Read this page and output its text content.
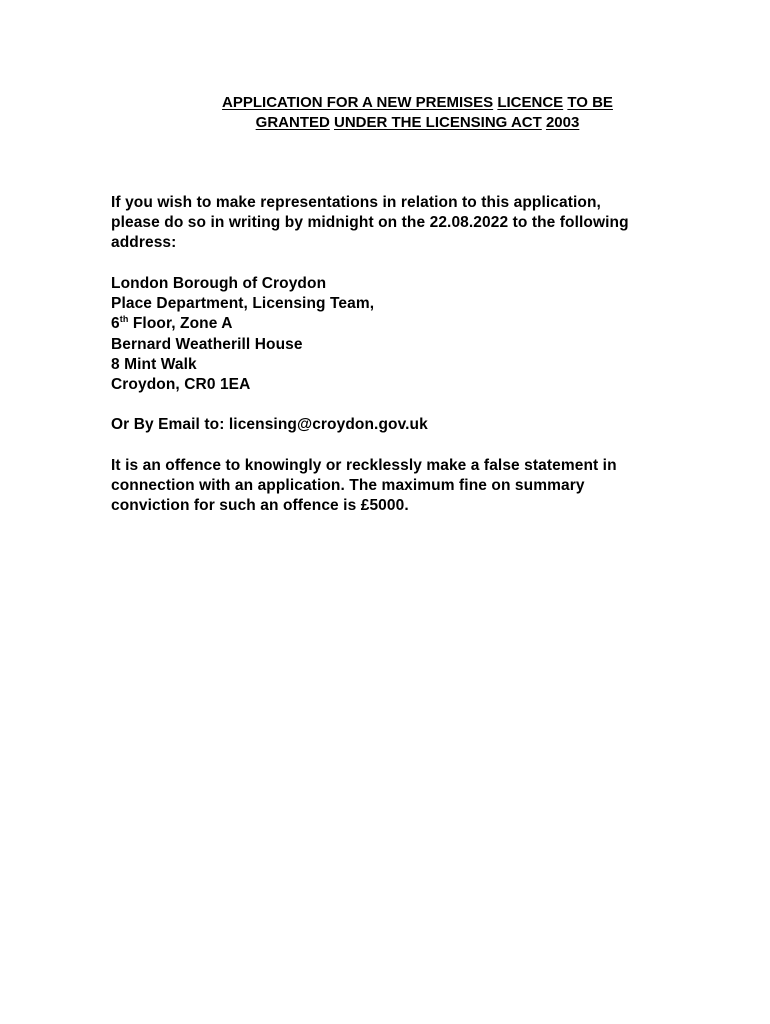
APPLICATION FOR A NEW PREMISES LICENCE TO BE
GRANTED UNDER THE LICENSING ACT 2003
If you wish to make representations in relation to this application,
please do so in writing by midnight on the 22.08.2022 to the following
address:
London Borough of Croydon
Place Department, Licensing Team,
6th Floor, Zone A
Bernard Weatherill House
8 Mint Walk
Croydon, CR0 1EA
Or By Email to: licensing@croydon.gov.uk
It is an offence to knowingly or recklessly make a false statement in
connection with an application. The maximum fine on summary
conviction for such an offence is £5000.
